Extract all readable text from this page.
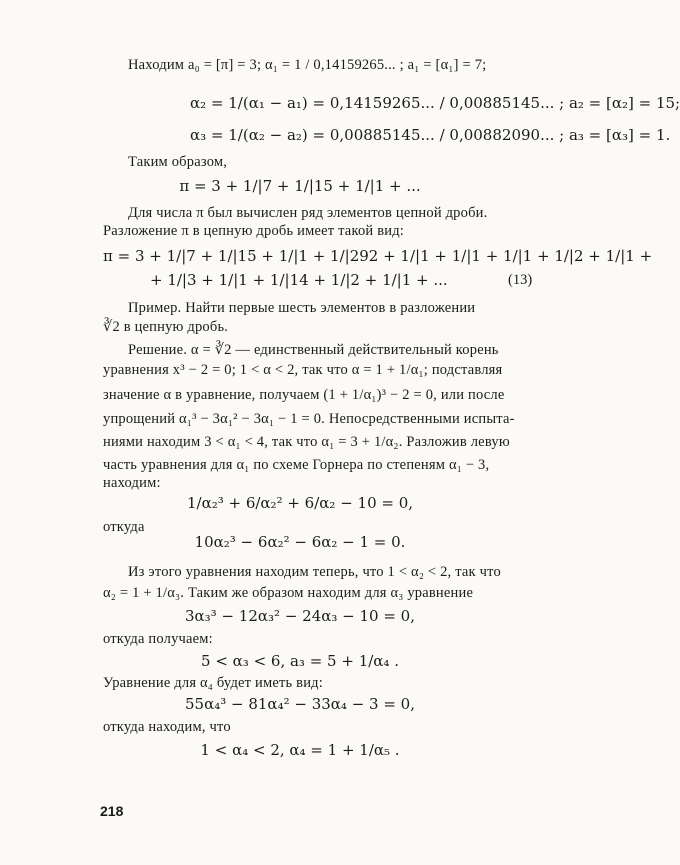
Находим a₀ = [π] = 3; α₁ = 1 / 0,14159265... ; a₁ = [α₁] = 7;
α₂ = 1/(α₁ − a₁) = 0,14159265... / 0,00885145... ; a₂ = [α₂] = 15;
α₃ = 1/(α₂ − a₂) = 0,00885145... / 0,00882090... ; a₃ = [α₃] = 1.
Таким образом,
π = 3 + 1/|7 + 1/|15 + 1/|1 + ...
Для числа π был вычислен ряд элементов цепной дроби.
Разложение π в цепную дробь имеет такой вид:
π = 3 + 1/|7 + 1/|15 + 1/|1 + 1/|292 + 1/|1 + 1/|1 + 1/|1 + 1/|2 + 1/|1 +
+ 1/|3 + 1/|1 + 1/|14 + 1/|2 + 1/|1 + ...	(13)
Пример. Найти первые шесть элементов в разложении
∛2 в цепную дробь.
Решение. α = ∛2 — единственный действительный корень
уравнения x³ − 2 = 0; 1 < α < 2, так что α = 1 + 1/α₁; подставляя
значение α в уравнение, получаем (1 + 1/α₁)³ − 2 = 0, или после
упрощений α₁³ − 3α₁² − 3α₁ − 1 = 0. Непосредственными испыта-
ниями находим 3 < α₁ < 4, так что α₁ = 3 + 1/α₂. Разложив левую
часть уравнения для α₁ по схеме Горнера по степеням α₁ − 3,
находим:
1/α₂³ + 6/α₂² + 6/α₂ − 10 = 0,
откуда
10α₂³ − 6α₂² − 6α₂ − 1 = 0.
Из этого уравнения находим теперь, что 1 < α₂ < 2, так что
α₂ = 1 + 1/α₃. Таким же образом находим для α₃ уравнение
3α₃³ − 12α₃² − 24α₃ − 10 = 0,
откуда получаем:
5 < α₃ < 6, a₃ = 5 + 1/α₄ .
Уравнение для α₄ будет иметь вид:
55α₄³ − 81α₄² − 33α₄ − 3 = 0,
откуда находим, что
1 < α₄ < 2, α₄ = 1 + 1/α₅ .
218
